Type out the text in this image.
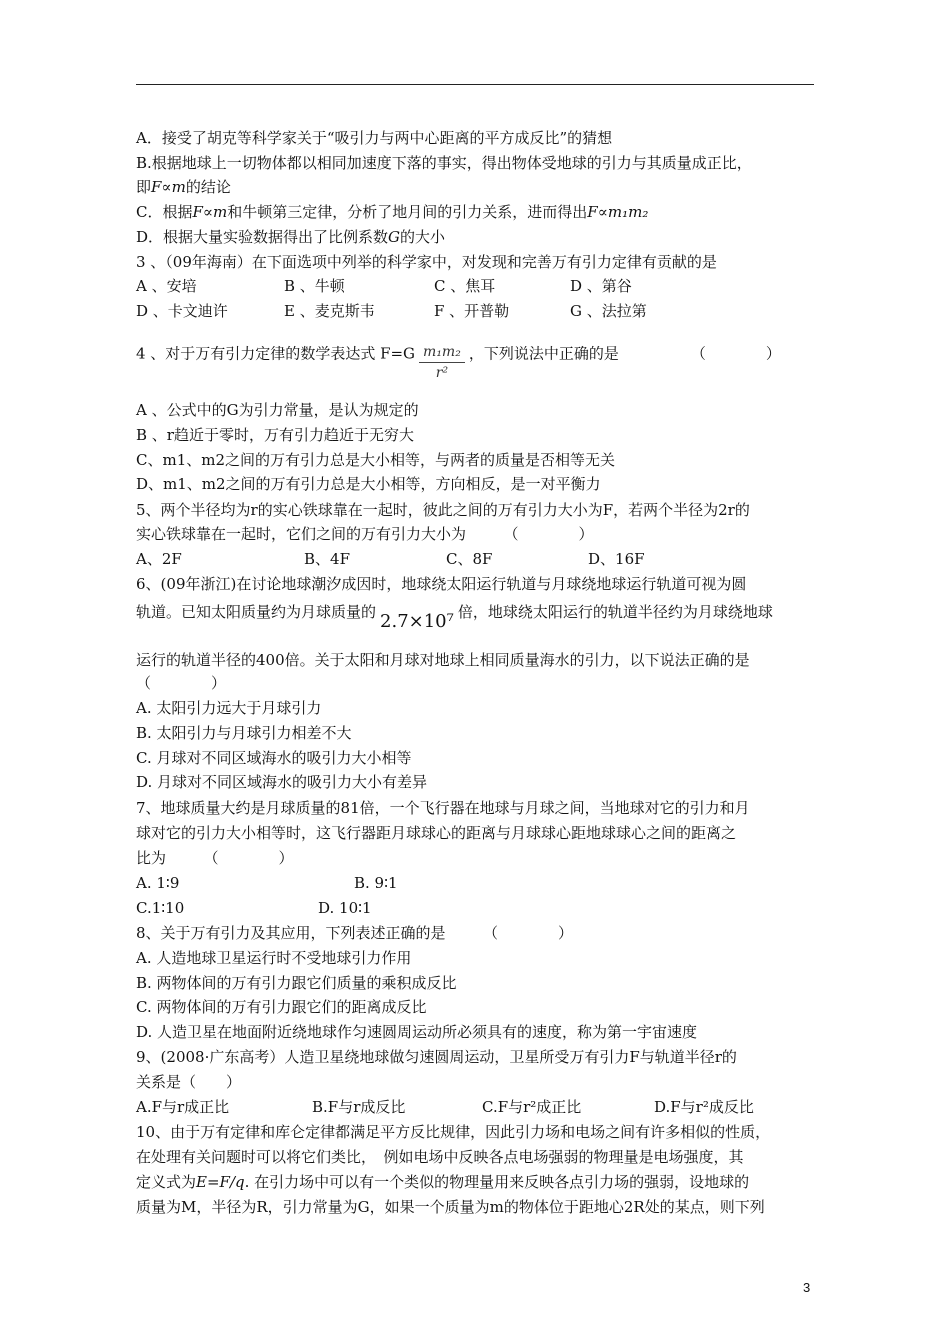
A．接受了胡克等科学家关于“吸引力与两中心距离的平方成反比”的猜想
B.根据地球上一切物体都以相同加速度下落的事实，得出物体受地球的引力与其质量成正比，
即F∝m的结论
C．根据F∝m和牛顿第三定律，分析了地月间的引力关系，进而得出F∝m₁m₂
D．根据大量实验数据得出了比例系数G的大小
3 、（09年海南）在下面选项中列举的科学家中，对发现和完善万有引力定律有贡献的是
A 、安培	B 、牛顿	C 、焦耳	D 、第谷
D 、卡文迪许	E 、麦克斯韦	F 、开普勒	G 、法拉第
4 、对于万有引力定律的数学表达式 $F=G \frac{\text{m₁m₂}}{\text{r²}}$ ，下列说法中正确的是	（　　　　）
A 、公式中的G为引力常量，是认为规定的
B 、r趋近于零时，万有引力趋近于无穷大
C、m1、m2之间的万有引力总是大小相等，与两者的质量是否相等无关
D、m1、m2之间的万有引力总是大小相等，方向相反，是一对平衡力
5、两个半径均为r的实心铁球靠在一起时，彼此之间的万有引力大小为F，若两个半径为2r的
实心铁球靠在一起时，它们之间的万有引力大小为　　　（　　　　）
A、2F	B、4F	C、8F	D、16F
6、(09年浙江)在讨论地球潮汐成因时，地球绕太阳运行轨道与月球绕地球运行轨道可视为圆
轨道。已知太阳质量约为月球质量的 2.7×10⁷ 倍，地球绕太阳运行的轨道半径约为月球绕地球
运行的轨道半径的400倍。关于太阳和月球对地球上相同质量海水的引力，以下说法正确的是
（　　　　）
A. 太阳引力远大于月球引力
B. 太阳引力与月球引力相差不大
C. 月球对不同区域海水的吸引力大小相等
D. 月球对不同区域海水的吸引力大小有差异
7、地球质量大约是月球质量的81倍，一个飞行器在地球与月球之间，当地球对它的引力和月
球对它的引力大小相等时，这飞行器距月球球心的距离与月球球心距地球球心之间的距离之
比为　　　（　　　　）
A. 1∶9	B. 9∶1
C.1∶10	D. 10∶1
8、关于万有引力及其应用，下列表述正确的是　　　（　　　　）
A. 人造地球卫星运行时不受地球引力作用
B. 两物体间的万有引力跟它们质量的乘积成反比
C. 两物体间的万有引力跟它们的距离成反比
D. 人造卫星在地面附近绕地球作匀速圆周运动所必须具有的速度，称为第一宇宙速度
9、(2008·广东高考）人造卫星绕地球做匀速圆周运动，卫星所受万有引力F与轨道半径r的
关系是（　　）
A.F与r成正比	B.F与r成反比	C.F与r²成正比	D.F与r²成反比
10、由于万有定律和库仑定律都满足平方反比规律，因此引力场和电场之间有许多相似的性质，
在处理有关问题时可以将它们类比，　例如电场中反映各点电场强弱的物理量是电场强度，其
定义式为E=F/q. 在引力场中可以有一个类似的物理量用来反映各点引力场的强弱，设地球的
质量为M，半径为R，引力常量为G，如果一个质量为m的物体位于距地心2R处的某点，则下列
3
